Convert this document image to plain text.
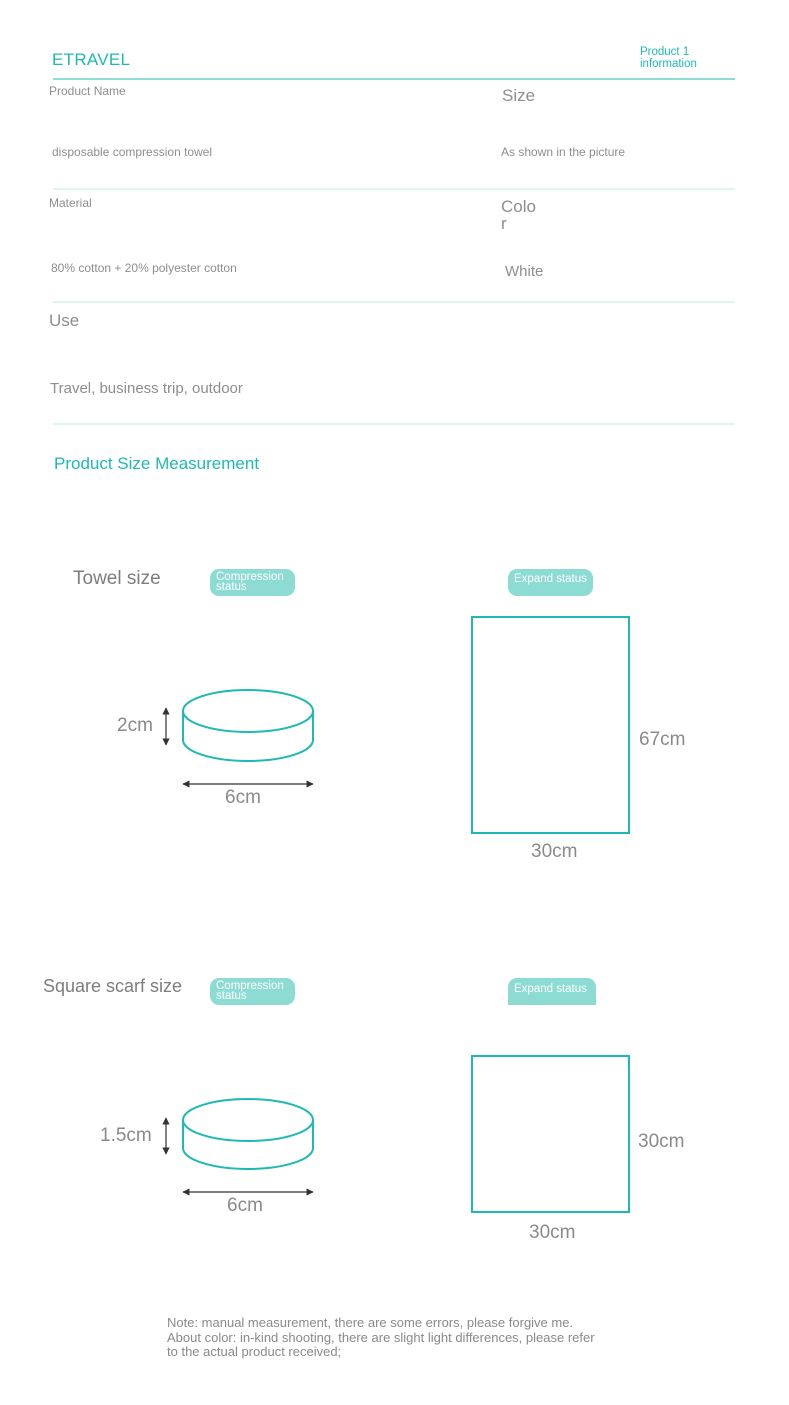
ETRAVEL	Product 1
information
Product Name	Size
disposable compression towel	As shown in the picture
Material	Colo
r
80% cotton + 20% polyester cotton	White
Use
Travel, business trip, outdoor
Product Size Measurement
Towel size	Compression
status
Expand status
2cm
6cm
67cm
30cm
Square scarf size	Compression
status
Expand status
1.5cm
6cm
30cm
30cm
Note: manual measurement, there are some errors, please forgive me.
About color: in-kind shooting, there are slight light differences, please refer
to the actual product received;
